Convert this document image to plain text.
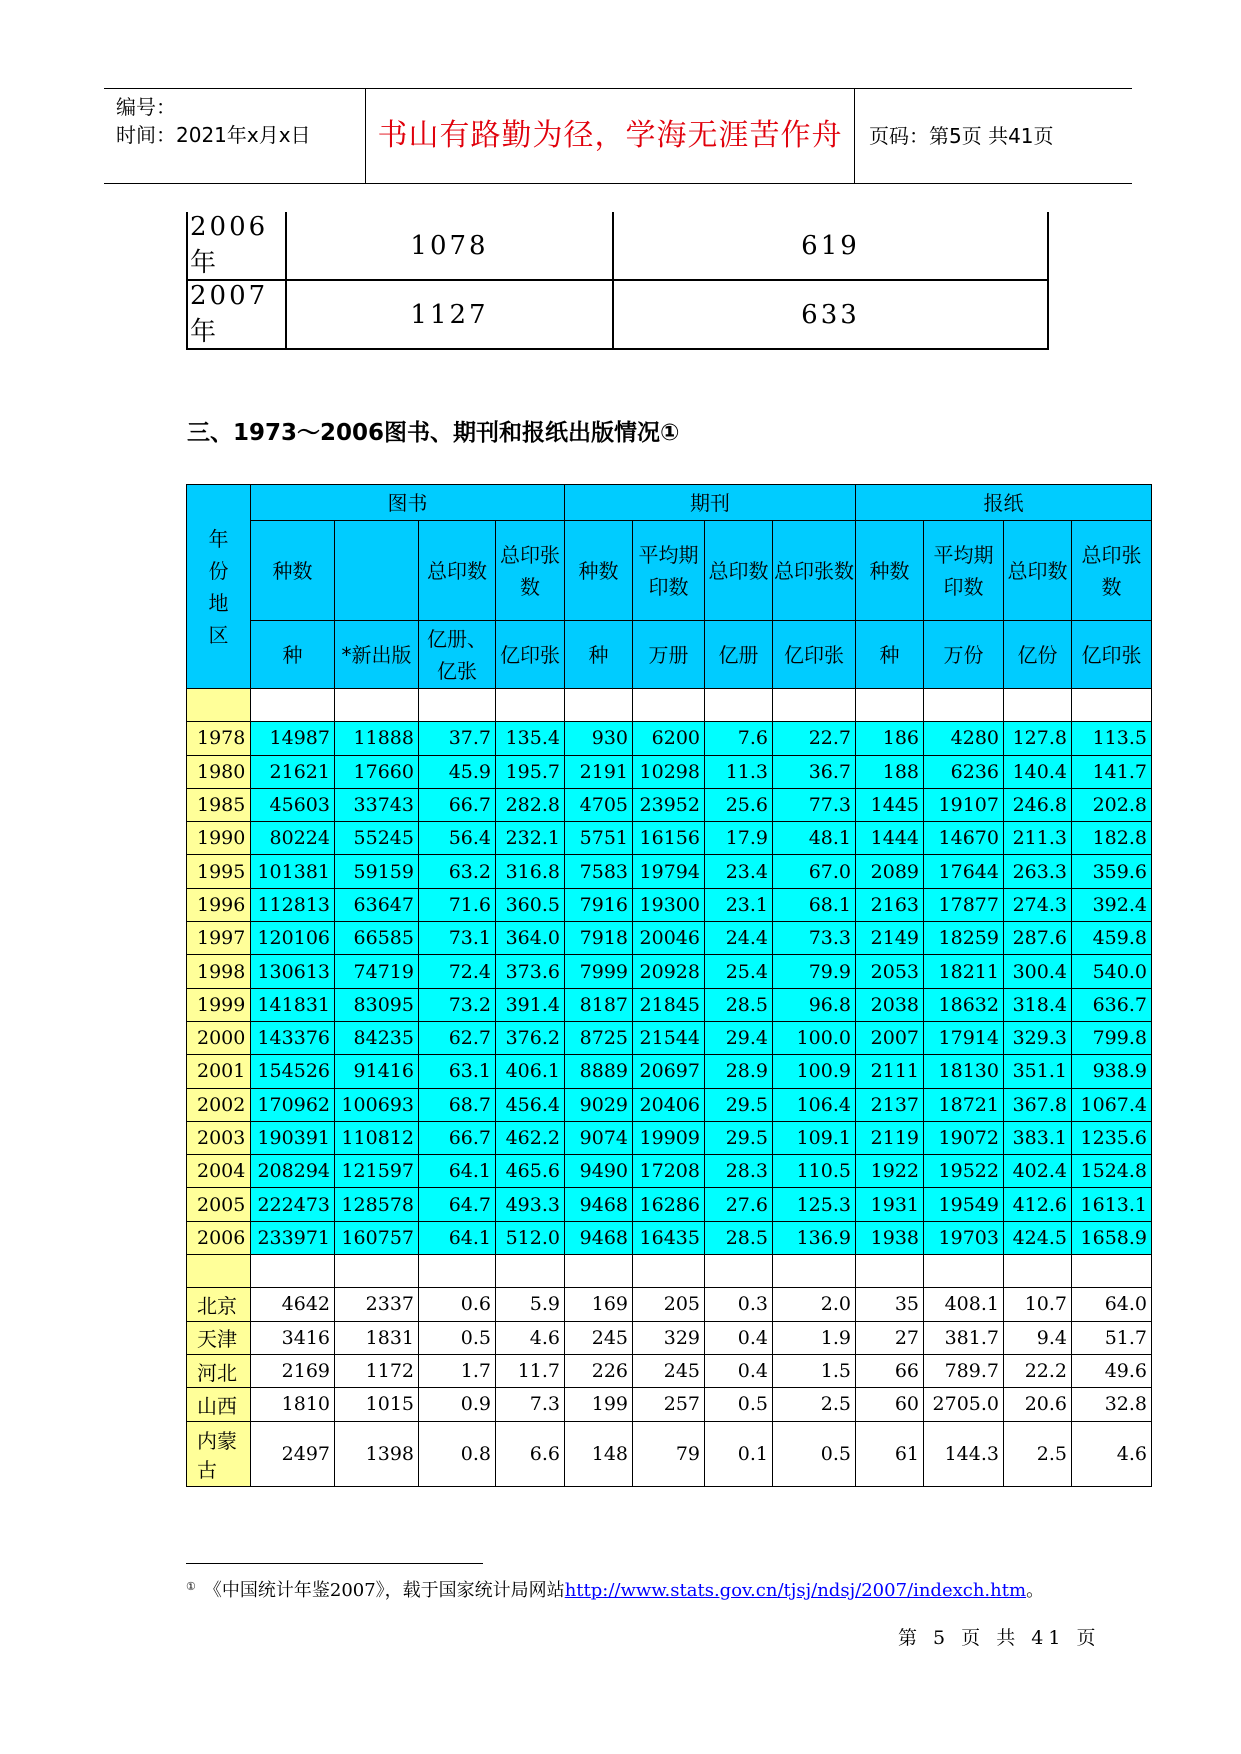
编号：
时间：2021年x月x日	书山有路勤为径，学海无涯苦作舟	页码：第5页 共41页
2006年	1078	619
2007年	1127	633
三、1973～2006图书、期刊和报纸出版情况①
年
份
地
区	图书				期刊				报纸			
	种数		总印数	总印张数	种数	平均期印数	总印数	总印张数	种数	平均期印数	总印数	总印张数
	种	*新出版	亿册、亿张	亿印张	种	万册	亿册	亿印张	种	万份	亿份	亿印张

1978	14987	11888	37.7	135.4	930	6200	7.6	22.7	186	4280	127.8	113.5
1980	21621	17660	45.9	195.7	2191	10298	11.3	36.7	188	6236	140.4	141.7
1985	45603	33743	66.7	282.8	4705	23952	25.6	77.3	1445	19107	246.8	202.8
1990	80224	55245	56.4	232.1	5751	16156	17.9	48.1	1444	14670	211.3	182.8
1995	101381	59159	63.2	316.8	7583	19794	23.4	67.0	2089	17644	263.3	359.6
1996	112813	63647	71.6	360.5	7916	19300	23.1	68.1	2163	17877	274.3	392.4
1997	120106	66585	73.1	364.0	7918	20046	24.4	73.3	2149	18259	287.6	459.8
1998	130613	74719	72.4	373.6	7999	20928	25.4	79.9	2053	18211	300.4	540.0
1999	141831	83095	73.2	391.4	8187	21845	28.5	96.8	2038	18632	318.4	636.7
2000	143376	84235	62.7	376.2	8725	21544	29.4	100.0	2007	17914	329.3	799.8
2001	154526	91416	63.1	406.1	8889	20697	28.9	100.9	2111	18130	351.1	938.9
2002	170962	100693	68.7	456.4	9029	20406	29.5	106.4	2137	18721	367.8	1067.4
2003	190391	110812	66.7	462.2	9074	19909	29.5	109.1	2119	19072	383.1	1235.6
2004	208294	121597	64.1	465.6	9490	17208	28.3	110.5	1922	19522	402.4	1524.8
2005	222473	128578	64.7	493.3	9468	16286	27.6	125.3	1931	19549	412.6	1613.1
2006	233971	160757	64.1	512.0	9468	16435	28.5	136.9	1938	19703	424.5	1658.9

北京	4642	2337	0.6	5.9	169	205	0.3	2.0	35	408.1	10.7	64.0
天津	3416	1831	0.5	4.6	245	329	0.4	1.9	27	381.7	9.4	51.7
河北	2169	1172	1.7	11.7	226	245	0.4	1.5	66	789.7	22.2	49.6
山西	1810	1015	0.9	7.3	199	257	0.5	2.5	60	2705.0	20.6	32.8
内蒙古	2497	1398	0.8	6.6	148	79	0.1	0.5	61	144.3	2.5	4.6

① 《中国统计年鉴2007》，载于国家统计局网站http://www.stats.gov.cn/tjsj/ndsj/2007/indexch.htm。

第 5 页 共 41 页
